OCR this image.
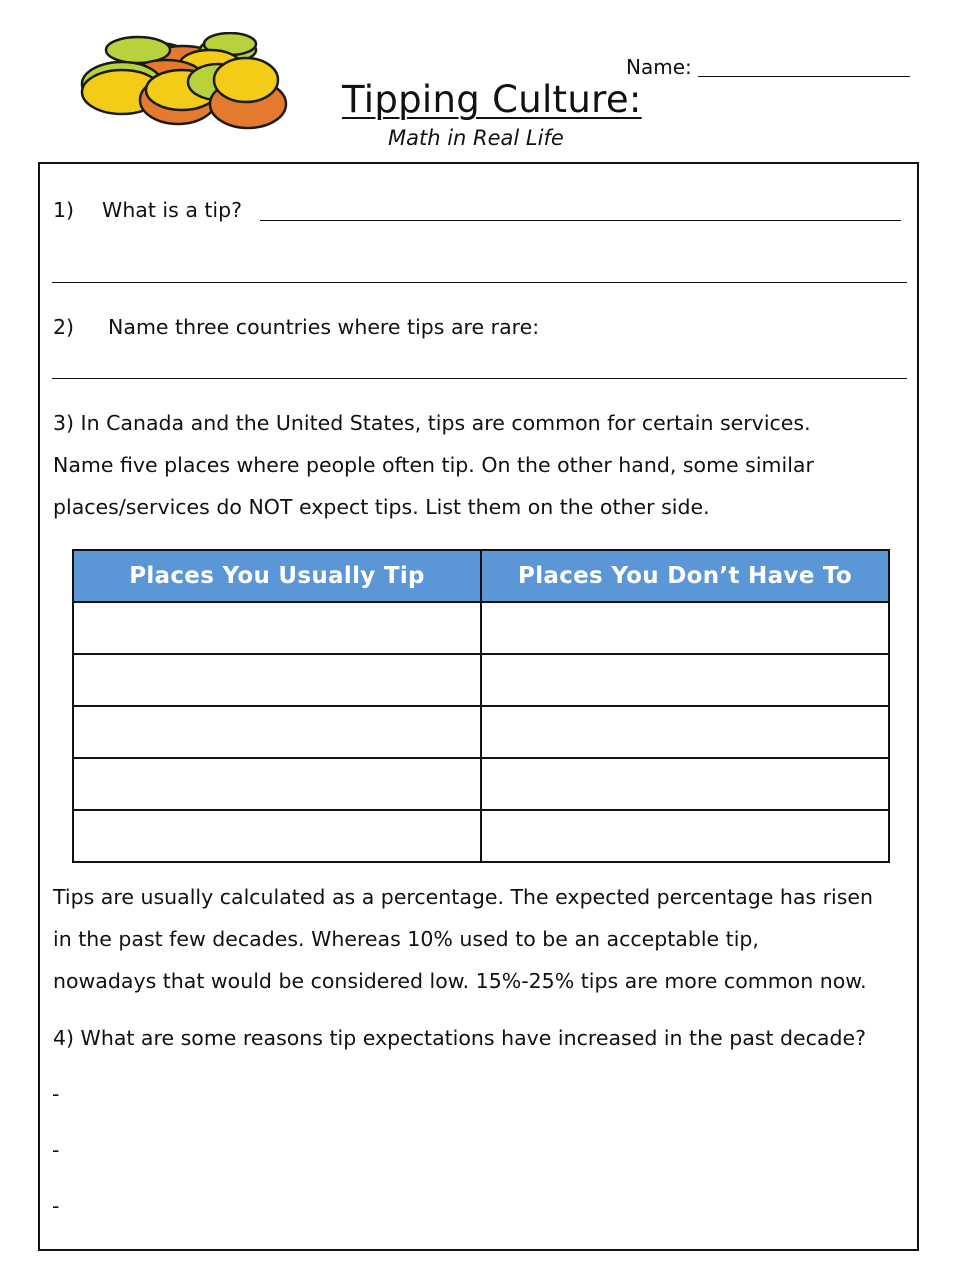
Name:
Tipping Culture:
Math in Real Life
1) What is a tip?
2) Name three countries where tips are rare:
3) In Canada and the United States, tips are common for certain services.
Name five places where people often tip. On the other hand, some similar
places/services do NOT expect tips. List them on the other side.
Places You Usually Tip	Places You Don’t Have To

Tips are usually calculated as a percentage. The expected percentage has risen
in the past few decades. Whereas 10% used to be an acceptable tip,
nowadays that would be considered low. 15%-25% tips are more common now.
4) What are some reasons tip expectations have increased in the past decade?
-
-
-
